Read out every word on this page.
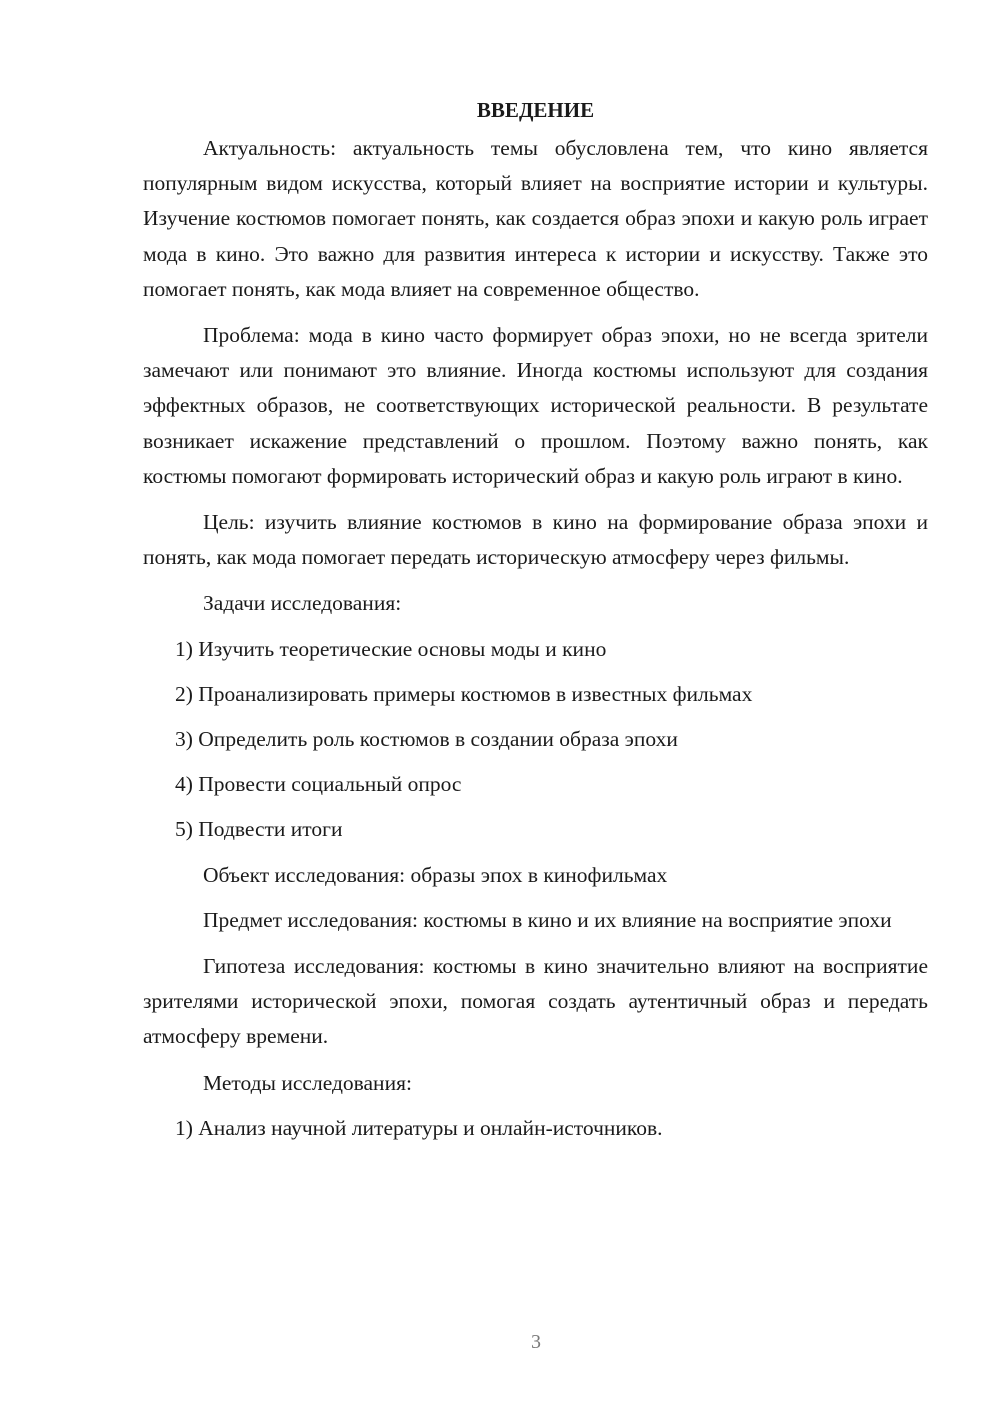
ВВЕДЕНИЕ

Актуальность: актуальность темы обусловлена тем, что кино является популярным видом искусства, который влияет на восприятие истории и культуры. Изучение костюмов помогает понять, как создается образ эпохи и какую роль играет мода в кино. Это важно для развития интереса к истории и искусству. Также это помогает понять, как мода влияет на современное общество.

Проблема: мода в кино часто формирует образ эпохи, но не всегда зрители замечают или понимают это влияние. Иногда костюмы используют для создания эффектных образов, не соответствующих исторической реальности. В результате возникает искажение представлений о прошлом. Поэтому важно понять, как костюмы помогают формировать исторический образ и какую роль играют в кино.

Цель: изучить влияние костюмов в кино на формирование образа эпохи и понять, как мода помогает передать историческую атмосферу через фильмы.

Задачи исследования:

1) Изучить теоретические основы моды и кино
2) Проанализировать примеры костюмов в известных фильмах
3) Определить роль костюмов в создании образа эпохи
4) Провести социальный опрос
5) Подвести итоги

Объект исследования: образы эпох в кинофильмах

Предмет исследования: костюмы в кино и их влияние на восприятие эпохи

Гипотеза исследования: костюмы в кино значительно влияют на восприятие зрителями исторической эпохи, помогая создать аутентичный образ и передать атмосферу времени.

Методы исследования:

1) Анализ научной литературы и онлайн-источников.
3
